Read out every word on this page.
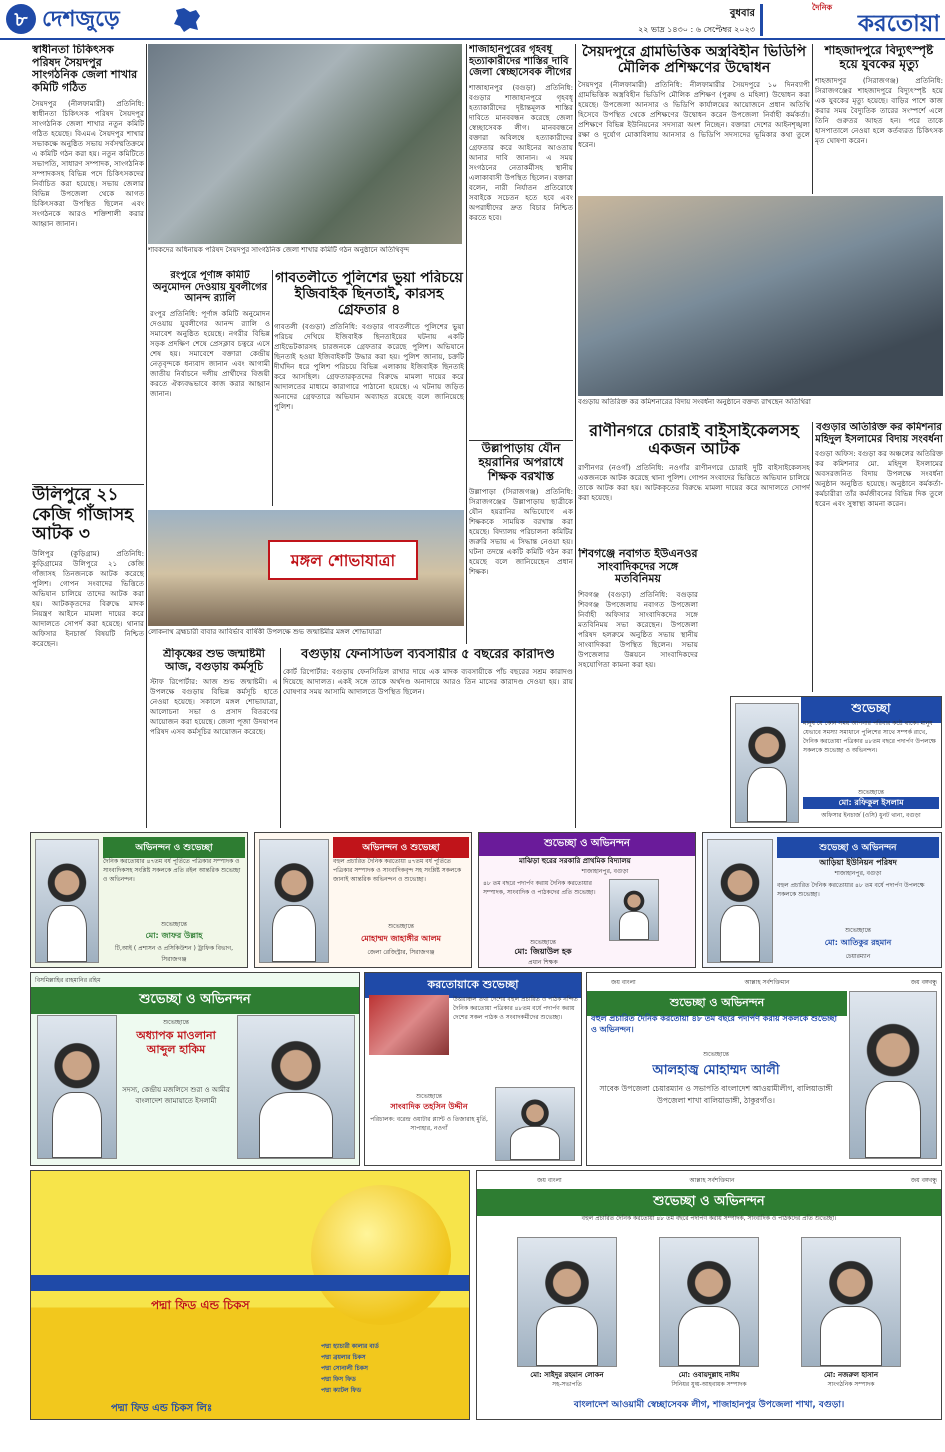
৮ দেশজুড়ে	বুধবার
২২ ভাদ্র ১৪৩০ : ৬ সেপ্টেম্বর ২০২৩
দৈনিক
করতোয়া
স্বাধীনতা চিকিৎসক পরিষদ সৈয়দপুর সাংগঠনিক জেলা শাখার কমিটি গঠিত
সৈয়দপুর (নীলফামারী) প্রতিনিধি: স্বাধীনতা চিকিৎসক পরিষদ সৈয়দপুর সাংগঠনিক জেলা শাখার নতুন কমিটি গঠিত হয়েছে। বিএমএ সৈয়দপুর শাখার সভাকক্ষে অনুষ্ঠিত সভায় সর্বসম্মতিক্রমে এ কমিটি গঠন করা হয়। নতুন কমিটিতে সভাপতি, সাধারণ সম্পাদক, সাংগঠনিক সম্পাদকসহ বিভিন্ন পদে চিকিৎসকদের নির্বাচিত করা হয়েছে। সভায় জেলার বিভিন্ন উপজেলা থেকে আগত চিকিৎসকরা উপস্থিত ছিলেন এবং সংগঠনকে আরও শক্তিশালী করার আহ্বান জানান।
উলিপুরে ২১ কেজি গাঁজাসহ আটক ৩
উলিপুর (কুড়িগ্রাম) প্রতিনিধি: কুড়িগ্রামের উলিপুরে ২১ কেজি গাঁজাসহ তিনজনকে আটক করেছে পুলিশ। গোপন সংবাদের ভিত্তিতে অভিযান চালিয়ে তাদের আটক করা হয়। আটককৃতদের বিরুদ্ধে মাদক নিয়ন্ত্রণ আইনে মামলা দায়ের করে আদালতে সোপর্দ করা হয়েছে। থানার অফিসার ইনচার্জ বিষয়টি নিশ্চিত করেছেন।
শাবকদের অধিনায়ক পরিষদ সৈয়দপুর সাংগঠনিক জেলা শাখার কমিটি গঠন অনুষ্ঠানে অতিথিবৃন্দ
রংপুরে পূর্ণাঙ্গ কমিটি অনুমোদন দেওয়ায় যুবলীগের আনন্দ র‌্যালি
রংপুর প্রতিনিধি: পূর্ণাঙ্গ কমিটি অনুমোদন দেওয়ায় যুবলীগের আনন্দ র‌্যালি ও সমাবেশ অনুষ্ঠিত হয়েছে। নগরীর বিভিন্ন সড়ক প্রদক্ষিণ শেষে প্রেসক্লাব চত্বরে এসে শেষ হয়। সমাবেশে বক্তারা কেন্দ্রীয় নেতৃবৃন্দকে ধন্যবাদ জানান এবং আগামী জাতীয় নির্বাচনে দলীয় প্রার্থীদের বিজয়ী করতে ঐক্যবদ্ধভাবে কাজ করার আহ্বান জানান।
গাবতলীতে পুলিশের ভুয়া পরিচয়ে ইজিবাইক ছিনতাই, কারসহ গ্রেফতার ৪
গাবতলী (বগুড়া) প্রতিনিধি: বগুড়ার গাবতলীতে পুলিশের ভুয়া পরিচয় দেখিয়ে ইজিবাইক ছিনতাইয়ের ঘটনায় একটি প্রাইভেটকারসহ চারজনকে গ্রেফতার করেছে পুলিশ। অভিযানে ছিনতাই হওয়া ইজিবাইকটি উদ্ধার করা হয়। পুলিশ জানায়, চক্রটি দীর্ঘদিন ধরে পুলিশ পরিচয়ে বিভিন্ন এলাকায় ইজিবাইক ছিনতাই করে আসছিল। গ্রেফতারকৃতদের বিরুদ্ধে মামলা দায়ের করে আদালতের মাধ্যমে কারাগারে পাঠানো হয়েছে। এ ঘটনায় জড়িত অন্যদের গ্রেফতারে অভিযান অব্যাহত রয়েছে বলে জানিয়েছে পুলিশ।
মঙ্গল শোভাযাত্রা
লোকনাথ ব্রহ্মচারী বাবার আবির্ভাব বার্ষিকী উপলক্ষে শুভ জন্মাষ্টমীর মঙ্গল শোভাযাত্রা
শ্রীকৃষ্ণের শুভ জন্মাষ্টমী আজ, বগুড়ায় কর্মসূচি
স্টাফ রিপোর্টার: আজ শুভ জন্মাষ্টমী। এ উপলক্ষে বগুড়ায় বিভিন্ন কর্মসূচি হাতে নেওয়া হয়েছে। সকালে মঙ্গল শোভাযাত্রা, আলোচনা সভা ও প্রসাদ বিতরণের আয়োজন করা হয়েছে। জেলা পূজা উদযাপন পরিষদ এসব কর্মসূচির আয়োজন করেছে।
বগুড়ায় ফেনসিডিল ব্যবসায়ীর ৫ বছরের কারাদণ্ড
কোর্ট রিপোর্টার: বগুড়ায় ফেনসিডিল রাখার দায়ে এক মাদক ব্যবসায়ীকে পাঁচ বছরের সশ্রম কারাদণ্ড দিয়েছে আদালত। একই সঙ্গে তাকে অর্থদণ্ড অনাদায়ে আরও তিন মাসের কারাদণ্ড দেওয়া হয়। রায় ঘোষণার সময় আসামি আদালতে উপস্থিত ছিলেন।
শাজাহানপুরের গৃহবধূ হত্যাকারীদের শাস্তির দাবি জেলা স্বেচ্ছাসেবক লীগের
শাজাহানপুর (বগুড়া) প্রতিনিধি: বগুড়ার শাজাহানপুরে গৃহবধূ হত্যাকারীদের দৃষ্টান্তমূলক শাস্তির দাবিতে মানববন্ধন করেছে জেলা স্বেচ্ছাসেবক লীগ। মানববন্ধনে বক্তারা অবিলম্বে হত্যাকারীদের গ্রেফতার করে আইনের আওতায় আনার দাবি জানান। এ সময় সংগঠনের নেতাকর্মীসহ স্থানীয় এলাকাবাসী উপস্থিত ছিলেন। বক্তারা বলেন, নারী নির্যাতন প্রতিরোধে সবাইকে সচেতন হতে হবে এবং অপরাধীদের দ্রুত বিচার নিশ্চিত করতে হবে।
উল্লাপাড়ায় যৌন হয়রানির অপরাধে শিক্ষক বরখাস্ত
উল্লাপাড়া (সিরাজগঞ্জ) প্রতিনিধি: সিরাজগঞ্জের উল্লাপাড়ায় ছাত্রীকে যৌন হয়রানির অভিযোগে এক শিক্ষককে সাময়িক বরখাস্ত করা হয়েছে। বিদ্যালয় পরিচালনা কমিটির জরুরি সভায় এ সিদ্ধান্ত নেওয়া হয়। ঘটনা তদন্তে একটি কমিটি গঠন করা হয়েছে বলে জানিয়েছেন প্রধান শিক্ষক।
সৈয়দপুরে গ্রামভিত্তিক অস্ত্রবিহীন ভিডিপি মৌলিক প্রশিক্ষণের উদ্বোধন
সৈয়দপুর (নীলফামারী) প্রতিনিধি: নীলফামারীর সৈয়দপুরে ১০ দিনব্যাপী গ্রামভিত্তিক অস্ত্রবিহীন ভিডিপি মৌলিক প্রশিক্ষণ (পুরুষ ও মহিলা) উদ্বোধন করা হয়েছে। উপজেলা আনসার ও ভিডিপি কার্যালয়ের আয়োজনে প্রধান অতিথি হিসেবে উপস্থিত থেকে প্রশিক্ষণের উদ্বোধন করেন উপজেলা নির্বাহী কর্মকর্তা। প্রশিক্ষণে বিভিন্ন ইউনিয়নের সদস্যরা অংশ নিচ্ছেন। বক্তারা দেশের আইনশৃঙ্খলা রক্ষা ও দুর্যোগ মোকাবিলায় আনসার ও ভিডিপি সদস্যদের ভূমিকার কথা তুলে ধরেন।
শাহজাদপুরে বিদ্যুৎস্পৃষ্ট হয়ে যুবকের মৃত্যু
শাহজাদপুর (সিরাজগঞ্জ) প্রতিনিধি: সিরাজগঞ্জের শাহজাদপুরে বিদ্যুৎস্পৃষ্ট হয়ে এক যুবকের মৃত্যু হয়েছে। বাড়ির পাশে কাজ করার সময় বৈদ্যুতিক তারের সংস্পর্শে এলে তিনি গুরুতর আহত হন। পরে তাকে হাসপাতালে নেওয়া হলে কর্তব্যরত চিকিৎসক মৃত ঘোষণা করেন।
বগুড়ায় অতিরিক্ত কর কমিশনারের বিদায় সংবর্ধনা অনুষ্ঠানে বক্তব্য রাখছেন অতিথিরা
রাণীনগরে চোরাই বাইসাইকেলসহ একজন আটক
রাণীনগর (নওগাঁ) প্রতিনিধি: নওগাঁর রাণীনগরে চোরাই দুটি বাইসাইকেলসহ একজনকে আটক করেছে থানা পুলিশ। গোপন সংবাদের ভিত্তিতে অভিযান চালিয়ে তাকে আটক করা হয়। আটককৃতের বিরুদ্ধে মামলা দায়ের করে আদালতে সোপর্দ করা হয়েছে।
শিবগঞ্জে নবাগত ইউএনওর সাংবাদিকদের সঙ্গে মতবিনিময়
শিবগঞ্জ (বগুড়া) প্রতিনিধি: বগুড়ার শিবগঞ্জ উপজেলায় নবাগত উপজেলা নির্বাহী অফিসার সাংবাদিকদের সঙ্গে মতবিনিময় সভা করেছেন। উপজেলা পরিষদ হলরুমে অনুষ্ঠিত সভায় স্থানীয় সাংবাদিকরা উপস্থিত ছিলেন। সভায় উপজেলার উন্নয়নে সাংবাদিকদের সহযোগিতা কামনা করা হয়।
বগুড়ার অতিরিক্ত কর কমিশনার মহিদুল ইসলামের বিদায় সংবর্ধনা
বগুড়া অফিস: বগুড়া কর অঞ্চলের অতিরিক্ত কর কমিশনার মো. মহিদুল ইসলামের অবসরজনিত বিদায় উপলক্ষে সংবর্ধনা অনুষ্ঠান অনুষ্ঠিত হয়েছে। অনুষ্ঠানে কর্মকর্তা-কর্মচারীরা তাঁর কর্মজীবনের বিভিন্ন দিক তুলে ধরেন এবং সুস্বাস্থ্য কামনা করেন।
শুভেচ্ছা
মানুষ যে কোন সময় আপনার পরিবার কষ্টে থাকে। মানুষ যেভাবে সমস্যা সমাধানে পুলিশের সাথে সম্পর্ক রাখে, দৈনিক করতোয়া পত্রিকার ৪৮তম বছরে পদার্পণ উপলক্ষে সকলকে শুভেচ্ছা ও অভিনন্দন।
শুভেচ্ছান্তে
মো: রফিকুল ইসলাম
অফিসার ইনচার্জ (ওসি) ধুনট থানা, বগুড়া
অভিনন্দন ও শুভেচ্ছা
দৈনিক করতোয়ার ৪৭তম বর্ষ পূর্তিতে পত্রিকার সম্পাদক ও সাংবাদিকসহ সংশ্লিষ্ট সকলকে প্রতি রইল আন্তরিক শুভেচ্ছা ও অভিনন্দন।
শুভেচ্ছান্তে
মো: জাফর উল্লাহ
টি,আই ( প্রশাসন ও প্রসিকিউশন ) ট্রাফিক বিভাগ, সিরাজগঞ্জ
অভিনন্দন ও শুভেচ্ছা
বহুল প্রচারিত দৈনিক করতোয়া ৪৭তম বর্ষ পূর্তিতে পত্রিকার সম্পাদক ও সাংবাদিকবৃন্দ সহ সংশ্লিষ্ট সকলকে জানাই আন্তরিক অভিনন্দন ও শুভেচ্ছা।
শুভেচ্ছান্তে
মোহাম্মদ জাহাঙ্গীর আলম
জেলা রেজিস্ট্রার, সিরাজগঞ্জ
শুভেচ্ছা ও অভিনন্দন
মাঝিড়া হুরের সরকারি প্রাথমিক বিদ্যালয়
শাজাহানপুর, বগুড়া
৪৮ তম বছরে পদার্পণ করায় দৈনিক করতোয়ার সম্পাদক, সাংবাদিক ও পাঠকদের প্রতি শুভেচ্ছা।
শুভেচ্ছান্তে
মো: জিয়াউল হক
প্রধান শিক্ষক
শুভেচ্ছা ও অভিনন্দন
আড়িয়া ইউনিয়ন পরিষদ
শাজাহানপুর, বগুড়া
বহুল প্রচারিত দৈনিক করতোয়ার ৪৮ তম বর্ষে পদার্পণ উপলক্ষে সকলকে শুভেচ্ছা।
শুভেচ্ছান্তে
মো: আতিকুর রহমান
চেয়ারম্যান
বিসমিল্লাহির রাহমানির রহিম
শুভেচ্ছা ও অভিনন্দন
শুভেচ্ছান্তে
অধ্যাপক মাওলানা আব্দুল হাকিম
সদস্য, কেন্দ্রীয় মজলিসে শুরা ও আমীর বাংলাদেশ জামায়াতে ইসলামী
করতোয়াকে শুভেচ্ছা
উত্তরাঞ্চল তথা দেশের বহুল প্রচারিত ও পাঠক নন্দিত দৈনিক করতোয়া পত্রিকার ৪৮তম বর্ষে পদার্পণ করায় দেশের সকল পাঠক ও সংবাদকর্মীদের শুভেচ্ছা।
শুভেচ্ছান্তে
সাংবাদিক তহসিন উদ্দীন
পরিচালক: বরেন্দ্র ওয়াটার প্ল্যান্ট ও তিজারাহ মুর্তি, সাপাহার, নওগাঁ
জয় বাংলা	আল্লাহ সর্বশক্তিমান	জয় বঙ্গবন্ধু
শুভেচ্ছা ও অভিনন্দন
বহুল প্রচারিত দৈনিক করতোয়া ৪৮ তম বছরে পদার্পণ করায় সকলকে শুভেচ্ছা ও অভিনন্দন।
শুভেচ্ছান্তে
আলহাজ্ব মোহাম্মদ আলী
সাবেক উপজেলা চেয়ারম্যান ও সভাপতি বাংলাদেশ আওয়ামীলীগ, বালিয়াডাঙ্গী উপজেলা শাখা বালিয়াডাঙ্গী, ঠাকুরগাঁও।
পদ্মা ফিড এন্ড চিকস
পদ্মা হ্যাচারী কালার বার্ড
পদ্মা ব্রয়লার চিকস
পদ্মা সোনালী চিকস
পদ্মা ফিস ফিড
পদ্মা ক্যাটল ফিড
পদ্মা ফিড এন্ড চিকস লিঃ
জয় বাংলা	আল্লাহ সর্বশক্তিমান	জয় বঙ্গবন্ধু
শুভেচ্ছা ও অভিনন্দন
বহুল প্রচারিত দৈনিক করতোয়া ৪৮ তম বছরে পদার্পণ করায় সম্পাদক, সাংবাদিক ও পাঠকদের প্রতি শুভেচ্ছা।
মো: সাইদুর রহমান লোকন
সহ-সভাপতি
মো: ওবায়দুল্লাহ নাঈম
সিনিয়র যুগ্ম-আহবায়ক সম্পাদক
মো: নজরুল হাসান
সাংগঠনিক সম্পাদক
বাংলাদেশ আওয়ামী স্বেচ্ছাসেবক লীগ, শাজাহানপুর উপজেলা শাখা, বগুড়া।
